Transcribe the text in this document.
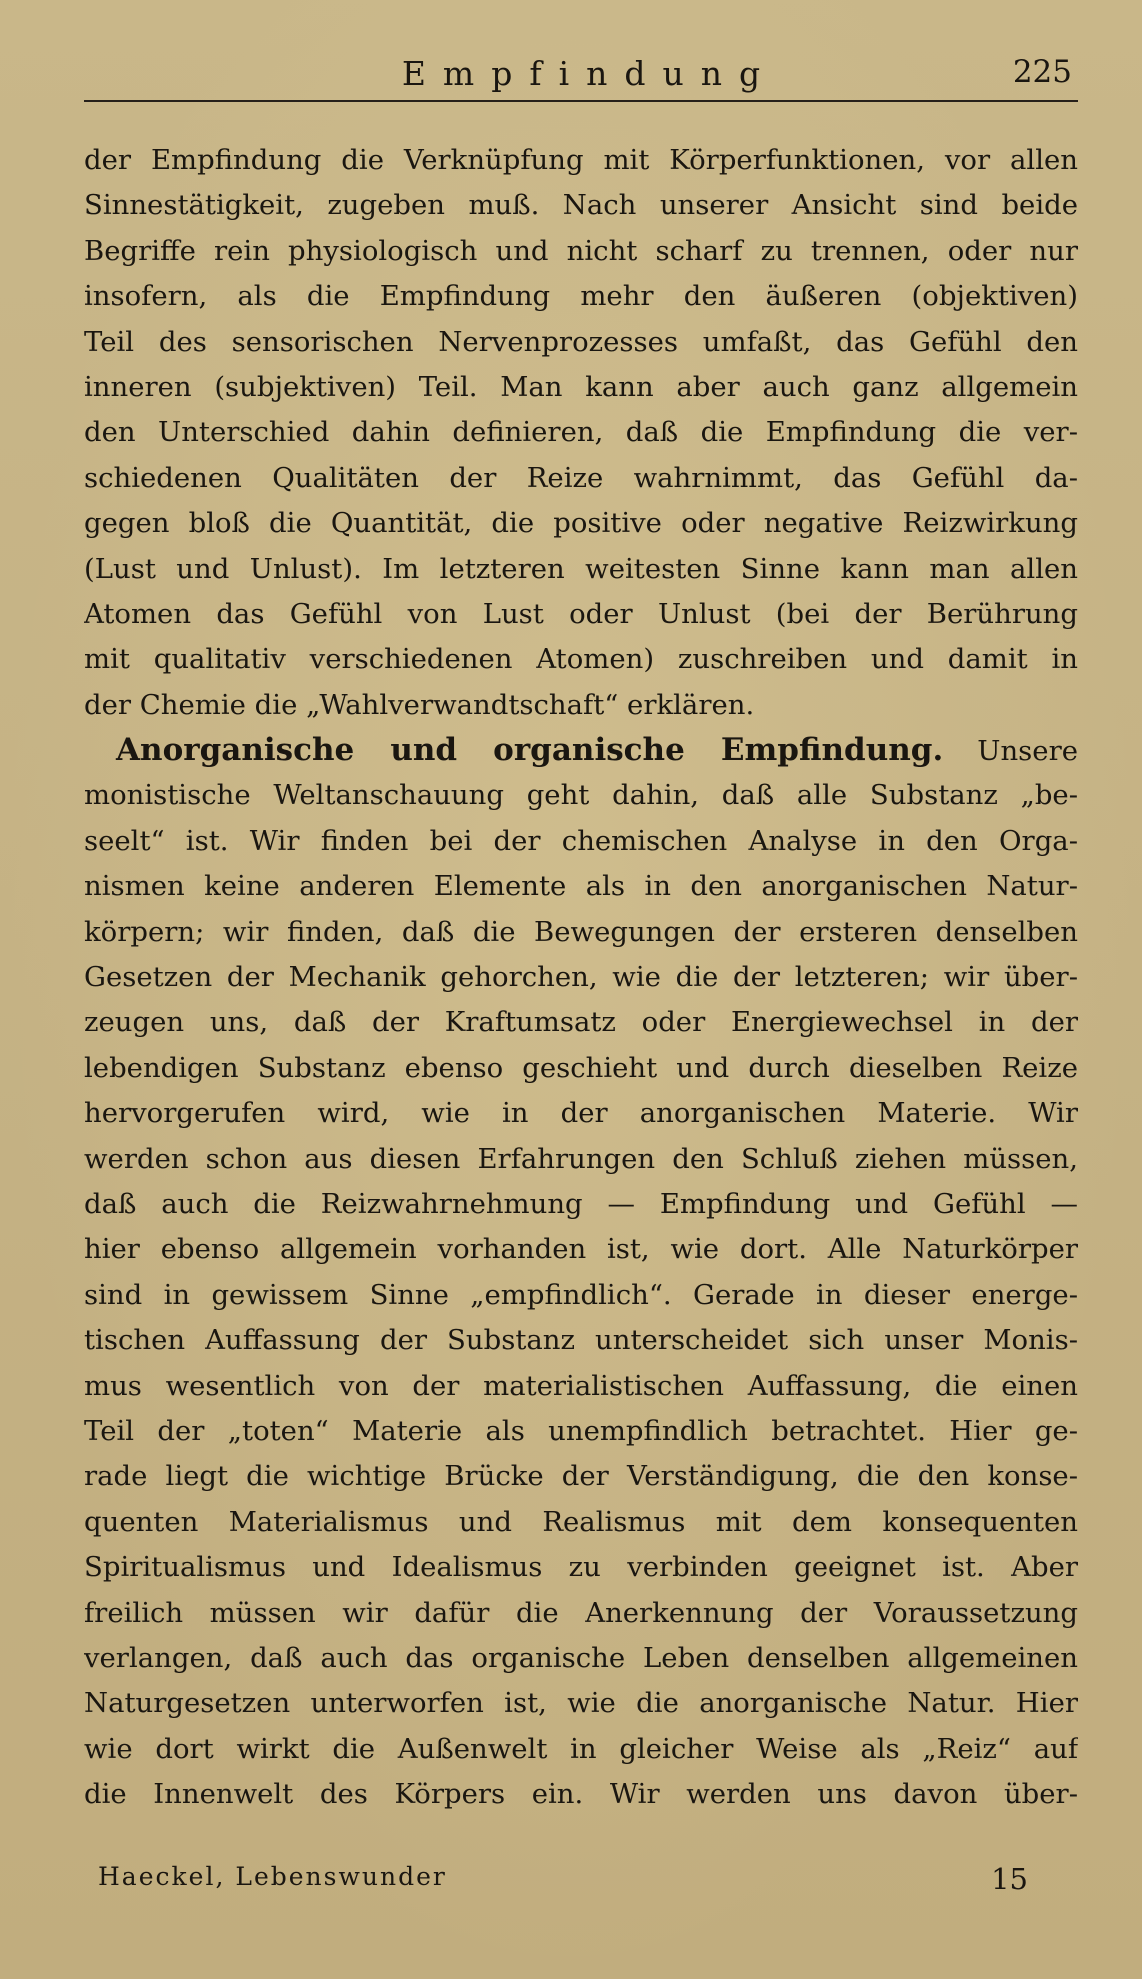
Empfindung	225
der Empfindung die Verknüpfung mit Körperfunktionen, vor allen
Sinnestätigkeit, zugeben muß. Nach unserer Ansicht sind beide
Begriffe rein physiologisch und nicht scharf zu trennen, oder nur
insofern, als die Empfindung mehr den äußeren (objektiven)
Teil des sensorischen Nervenprozesses umfaßt, das Gefühl den
inneren (subjektiven) Teil. Man kann aber auch ganz allgemein
den Unterschied dahin definieren, daß die Empfindung die ver-
schiedenen Qualitäten der Reize wahrnimmt, das Gefühl da-
gegen bloß die Quantität, die positive oder negative Reizwirkung
(Lust und Unlust). Im letzteren weitesten Sinne kann man allen
Atomen das Gefühl von Lust oder Unlust (bei der Berührung
mit qualitativ verschiedenen Atomen) zuschreiben und damit in
der Chemie die „Wahlverwandtschaft“ erklären.
Anorganische und organische Empfindung. Unsere
monistische Weltanschauung geht dahin, daß alle Substanz „be-
seelt“ ist. Wir finden bei der chemischen Analyse in den Orga-
nismen keine anderen Elemente als in den anorganischen Natur-
körpern; wir finden, daß die Bewegungen der ersteren denselben
Gesetzen der Mechanik gehorchen, wie die der letzteren; wir über-
zeugen uns, daß der Kraftumsatz oder Energiewechsel in der
lebendigen Substanz ebenso geschieht und durch dieselben Reize
hervorgerufen wird, wie in der anorganischen Materie. Wir
werden schon aus diesen Erfahrungen den Schluß ziehen müssen,
daß auch die Reizwahrnehmung — Empfindung und Gefühl —
hier ebenso allgemein vorhanden ist, wie dort. Alle Naturkörper
sind in gewissem Sinne „empfindlich“. Gerade in dieser energe-
tischen Auffassung der Substanz unterscheidet sich unser Monis-
mus wesentlich von der materialistischen Auffassung, die einen
Teil der „toten“ Materie als unempfindlich betrachtet. Hier ge-
rade liegt die wichtige Brücke der Verständigung, die den konse-
quenten Materialismus und Realismus mit dem konsequenten
Spiritualismus und Idealismus zu verbinden geeignet ist. Aber
freilich müssen wir dafür die Anerkennung der Voraussetzung
verlangen, daß auch das organische Leben denselben allgemeinen
Naturgesetzen unterworfen ist, wie die anorganische Natur. Hier
wie dort wirkt die Außenwelt in gleicher Weise als „Reiz“ auf
die Innenwelt des Körpers ein. Wir werden uns davon über-
Haeckel, Lebenswunder	15
